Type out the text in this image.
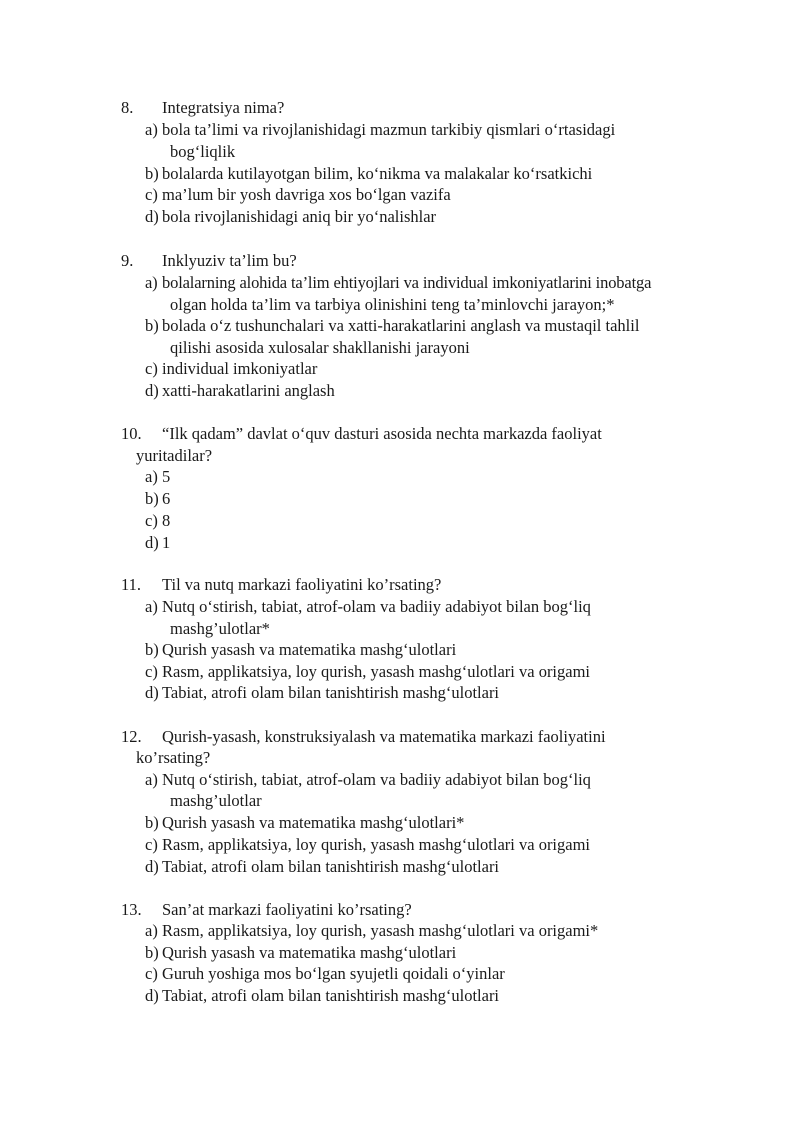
8. Integratsiya nima?
a) bola ta’limi va rivojlanishidagi mazmun tarkibiy qismlari o‘rtasidagi
bog‘liqlik
b) bolalarda kutilayotgan bilim, ko‘nikma va malakalar ko‘rsatkichi
c) ma’lum bir yosh davriga xos bo‘lgan vazifa
d) bola rivojlanishidagi aniq bir yo‘nalishlar
9. Inklyuziv ta’lim bu?
a) bolalarning alohida ta’lim ehtiyojlari va individual imkoniyatlarini inobatga
olgan holda ta’lim va tarbiya olinishini teng ta’minlovchi jarayon;*
b) bolada o‘z tushunchalari va xatti-harakatlarini anglash va mustaqil tahlil
qilishi asosida xulosalar shakllanishi jarayoni
c) individual imkoniyatlar
d) xatti-harakatlarini anglash
10. “Ilk qadam” davlat o‘quv dasturi asosida nechta markazda faoliyat
yuritadilar?
a) 5
b) 6
c) 8
d) 1
11. Til va nutq markazi faoliyatini ko’rsating?
a) Nutq o‘stirish, tabiat, atrof-olam va badiiy adabiyot bilan bog‘liq
mashg’ulotlar*
b) Qurish yasash va matematika mashg‘ulotlari
c) Rasm, applikatsiya, loy qurish, yasash mashg‘ulotlari va origami
d) Tabiat, atrofi olam bilan tanishtirish mashg‘ulotlari
12. Qurish-yasash, konstruksiyalash va matematika markazi faoliyatini
ko’rsating?
a) Nutq o‘stirish, tabiat, atrof-olam va badiiy adabiyot bilan bog‘liq
mashg’ulotlar
b) Qurish yasash va matematika mashg‘ulotlari*
c) Rasm, applikatsiya, loy qurish, yasash mashg‘ulotlari va origami
d) Tabiat, atrofi olam bilan tanishtirish mashg‘ulotlari
13. San’at markazi faoliyatini ko’rsating?
a) Rasm, applikatsiya, loy qurish, yasash mashg‘ulotlari va origami*
b) Qurish yasash va matematika mashg‘ulotlari
c) Guruh yoshiga mos bo‘lgan syujetli qoidali o‘yinlar
d) Tabiat, atrofi olam bilan tanishtirish mashg‘ulotlari
